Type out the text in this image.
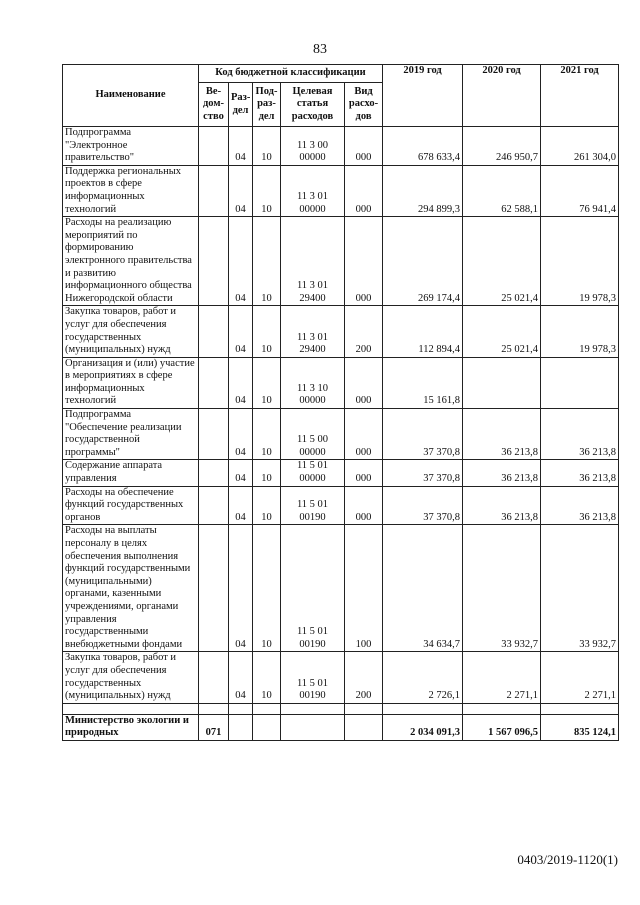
83
Наименование	Код бюджетной классификации					2019 год	2020 год	2021 год
	Ве-дом-ство	Раз-дел	Под-раз-дел	Целевая статья расходов	Вид расхо-дов			
Подпрограмма "Электронное правительство"		04	10	11 3 00 00000	000	678 633,4	246 950,7	261 304,0
Поддержка региональных проектов в сфере информационных технологий		04	10	11 3 01 00000	000	294 899,3	62 588,1	76 941,4
Расходы на реализацию мероприятий по формированию электронного правительства и развитию информационного общества Нижегородской области		04	10	11 3 01 29400	000	269 174,4	25 021,4	19 978,3
Закупка товаров, работ и услуг для обеспечения государственных (муниципальных) нужд		04	10	11 3 01 29400	200	112 894,4	25 021,4	19 978,3
Организация и (или) участие в мероприятиях в сфере информационных технологий		04	10	11 3 10 00000	000	15 161,8		
Подпрограмма "Обеспечение реализации государственной программы"		04	10	11 5 00 00000	000	37 370,8	36 213,8	36 213,8
Содержание аппарата управления		04	10	11 5 01 00000	000	37 370,8	36 213,8	36 213,8
Расходы на обеспечение функций государственных органов		04	10	11 5 01 00190	000	37 370,8	36 213,8	36 213,8
Расходы на выплаты персоналу в целях обеспечения выполнения функций государственными (муниципальными) органами, казенными учреждениями, органами управления государственными внебюджетными фондами		04	10	11 5 01 00190	100	34 634,7	33 932,7	33 932,7
Закупка товаров, работ и услуг для обеспечения государственных (муниципальных) нужд		04	10	11 5 01 00190	200	2 726,1	2 271,1	2 271,1

Министерство экологии и природных	071					2 034 091,3	1 567 096,5	835 124,1
0403/2019-1120(1)
